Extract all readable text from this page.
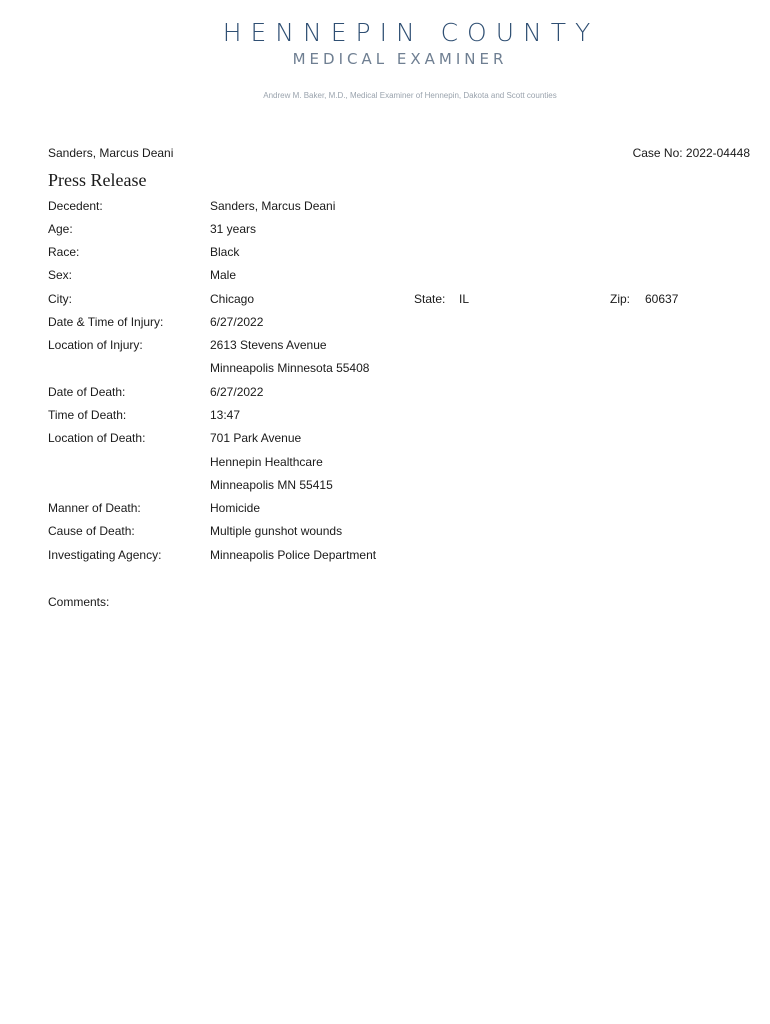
HENNEPIN COUNTY
MEDICAL EXAMINER
Andrew M. Baker, M.D., Medical Examiner of Hennepin, Dakota and Scott counties
Sanders, Marcus Deani	Case No: 2022-04448
Press Release
Decedent:	Sanders, Marcus Deani
Age:	31 years
Race:	Black
Sex:	Male
City:	Chicago	State: IL	Zip: 60637
Date & Time of Injury:	6/27/2022
Location of Injury:	2613 Stevens Avenue
Minneapolis Minnesota 55408
Date of Death:	6/27/2022
Time of Death:	13:47
Location of Death:	701 Park Avenue
Hennepin Healthcare
Minneapolis MN 55415
Manner of Death:	Homicide
Cause of Death:	Multiple gunshot wounds
Investigating Agency:	Minneapolis Police Department
Comments:
